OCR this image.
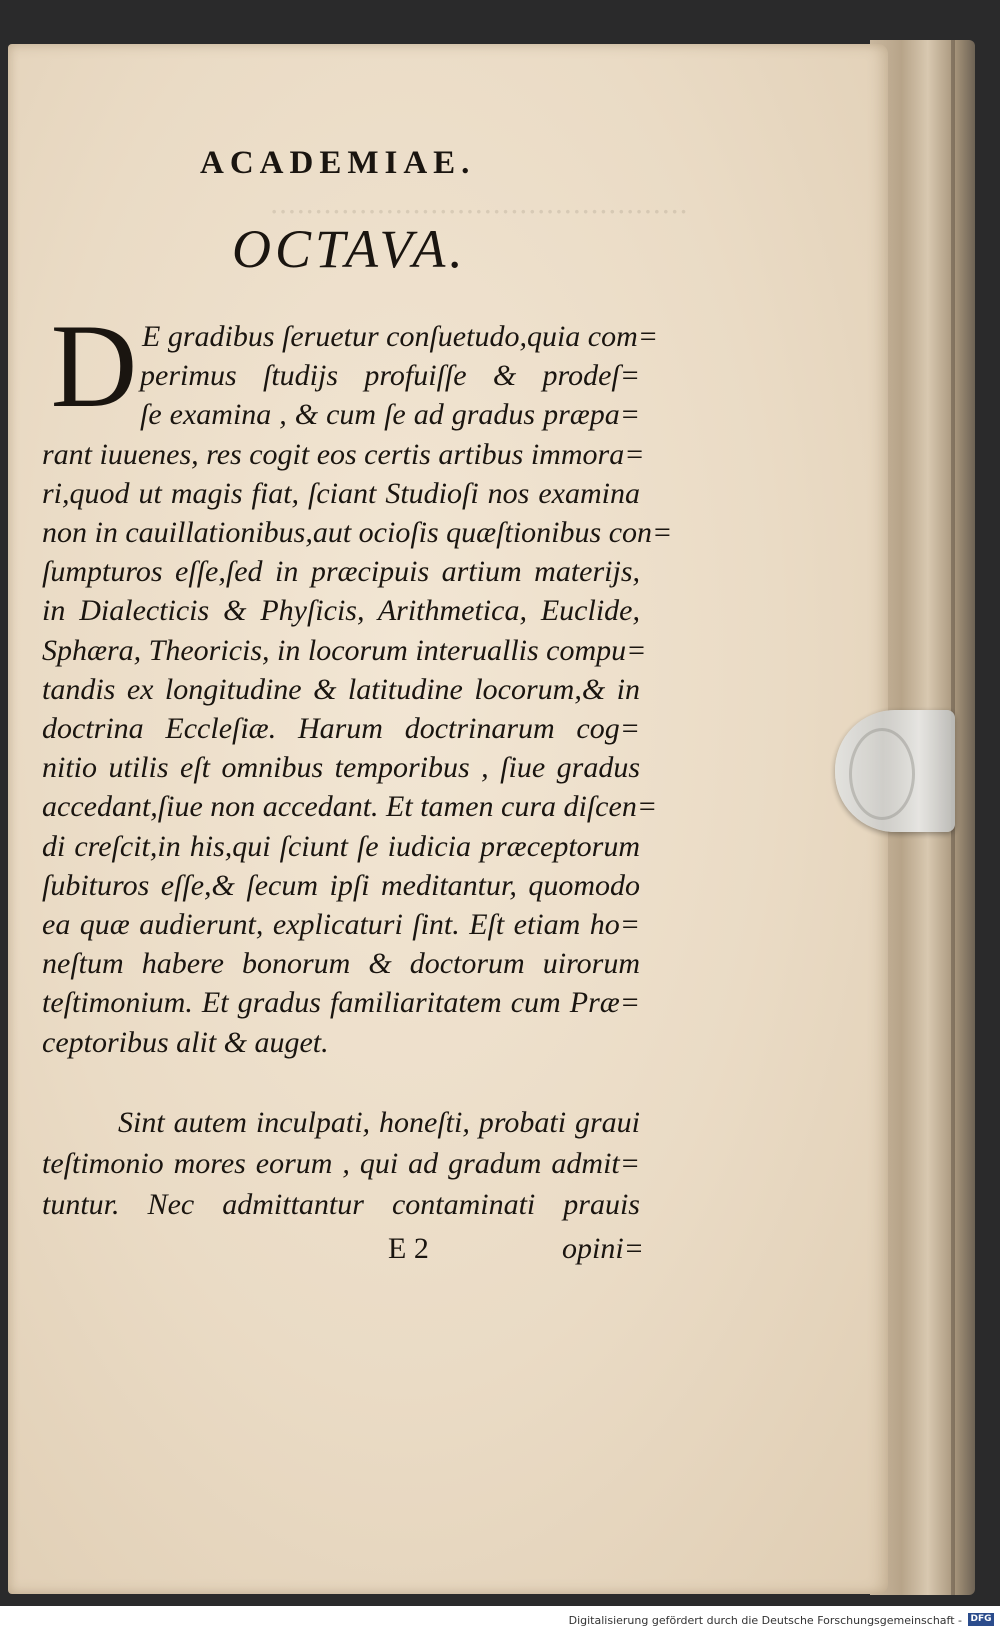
...............................................
ACADEMIAE.
OCTAVA.
D E gradibus ſeruetur conſuetudo,quia com=
perimus ſtudijs profuiſſe & prodeſ=
ſe examina , & cum ſe ad gradus præpa=
rant iuuenes, res cogit eos certis artibus immora=
ri,quod ut magis fiat, ſciant Studioſi nos examina
non in cauillationibus,aut ocioſis quæſtionibus con=
ſumpturos eſſe,ſed in præcipuis artium materijs,
in Dialecticis & Phyſicis, Arithmetica, Euclide,
Sphæra, Theoricis, in locorum interuallis compu=
tandis ex longitudine & latitudine locorum,& in
doctrina Eccleſiæ. Harum doctrinarum cog=
nitio utilis eſt omnibus temporibus , ſiue gradus
accedant,ſiue non accedant. Et tamen cura diſcen=
di creſcit,in his,qui ſciunt ſe iudicia præceptorum
ſubituros eſſe,& ſecum ipſi meditantur, quomodo
ea quæ audierunt, explicaturi ſint. Eſt etiam ho=
neſtum habere bonorum & doctorum uirorum
teſtimonium. Et gradus familiaritatem cum Præ=
ceptoribus alit & auget.
Sint autem inculpati, honeſti, probati graui
teſtimonio mores eorum , qui ad gradum admit=
tuntur. Nec admittantur contaminati prauis
E 2	opini=
Digitalisierung gefördert durch die Deutsche Forschungsgemeinschaft - DFG
